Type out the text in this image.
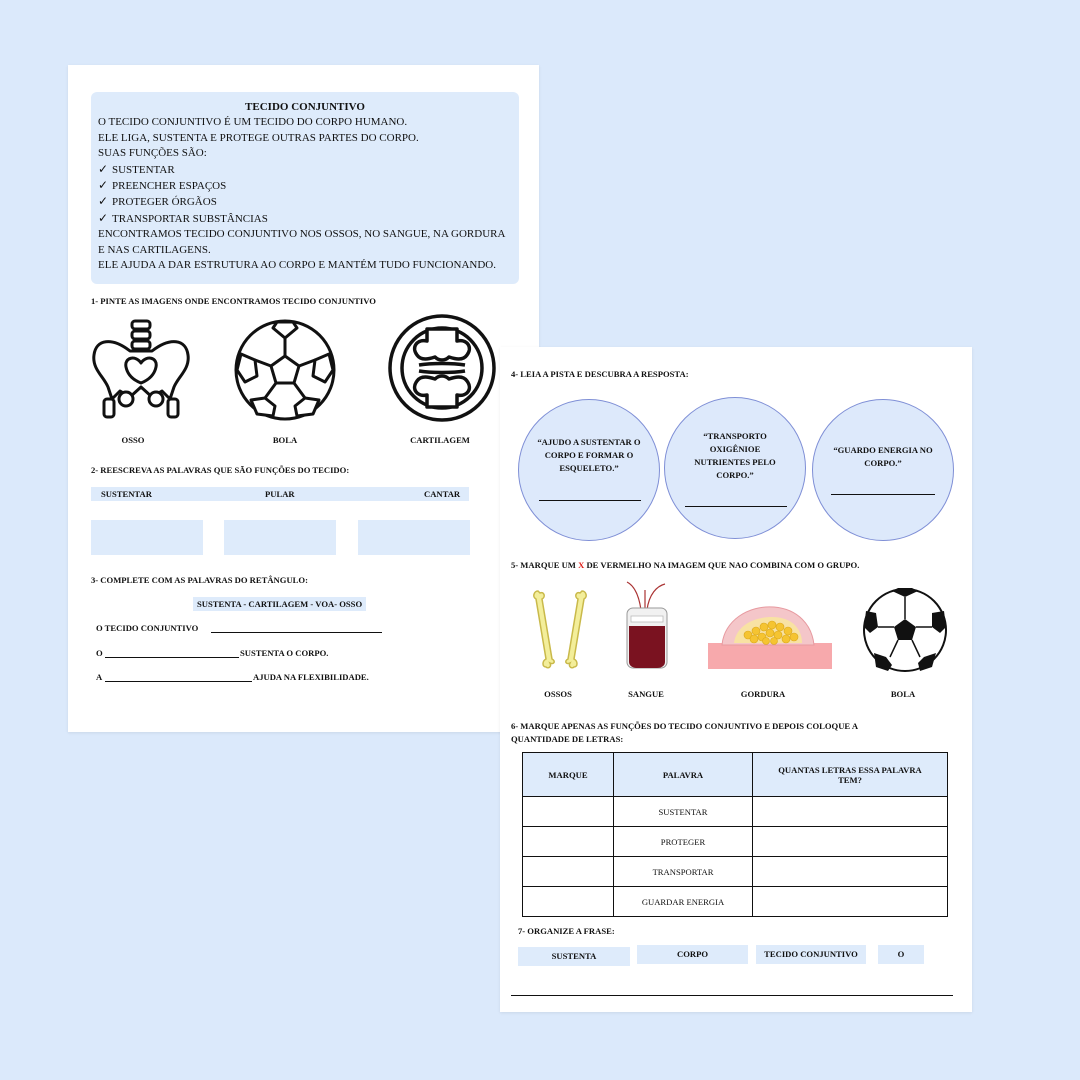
TECIDO CONJUNTIVO
O TECIDO CONJUNTIVO É UM TECIDO DO CORPO HUMANO.
ELE LIGA, SUSTENTA E PROTEGE OUTRAS PARTES DO CORPO.
SUAS FUNÇÕES SÃO:
✓ SUSTENTAR
✓ PREENCHER ESPAÇOS
✓ PROTEGER ÓRGÃOS
✓ TRANSPORTAR SUBSTÂNCIAS
ENCONTRAMOS TECIDO CONJUNTIVO NOS OSSOS, NO SANGUE, NA GORDURA
E NAS CARTILAGENS.
ELE AJUDA A DAR ESTRUTURA AO CORPO E MANTÉM TUDO FUNCIONANDO.
1- PINTE AS IMAGENS ONDE ENCONTRAMOS TECIDO CONJUNTIVO
OSSO	BOLA	CARTILAGEM
2- REESCREVA AS PALAVRAS QUE SÃO FUNÇÕES DO TECIDO:
SUSTENTAR	PULAR	CANTAR
3- COMPLETE COM AS PALAVRAS DO RETÂNGULO:
SUSTENTA - CARTILAGEM - VOA- OSSO
O TECIDO CONJUNTIVO
O	SUSTENTA O CORPO.
A	AJUDA NA FLEXIBILIDADE.
4- LEIA A PISTA E DESCUBRA A RESPOSTA:
“AJUDO A SUSTENTAR O CORPO E FORMAR O ESQUELETO.”
“TRANSPORTO OXIGÊNIOE NUTRIENTES PELO CORPO.”
“GUARDO ENERGIA NO CORPO.”
5- MARQUE UM X DE VERMELHO NA IMAGEM QUE NAO COMBINA COM O GRUPO.
OSSOS	SANGUE	GORDURA	BOLA
6- MARQUE APENAS AS FUNÇÕES DO TECIDO CONJUNTIVO E DEPOIS COLOQUE A
QUANTIDADE DE LETRAS:
MARQUE	PALAVRA	QUANTAS LETRAS ESSA PALAVRA TEM?
	SUSTENTAR	
	PROTEGER	
	TRANSPORTAR	
	GUARDAR ENERGIA	
7- ORGANIZE A FRASE:
SUSTENTA	CORPO	TECIDO CONJUNTIVO	O
